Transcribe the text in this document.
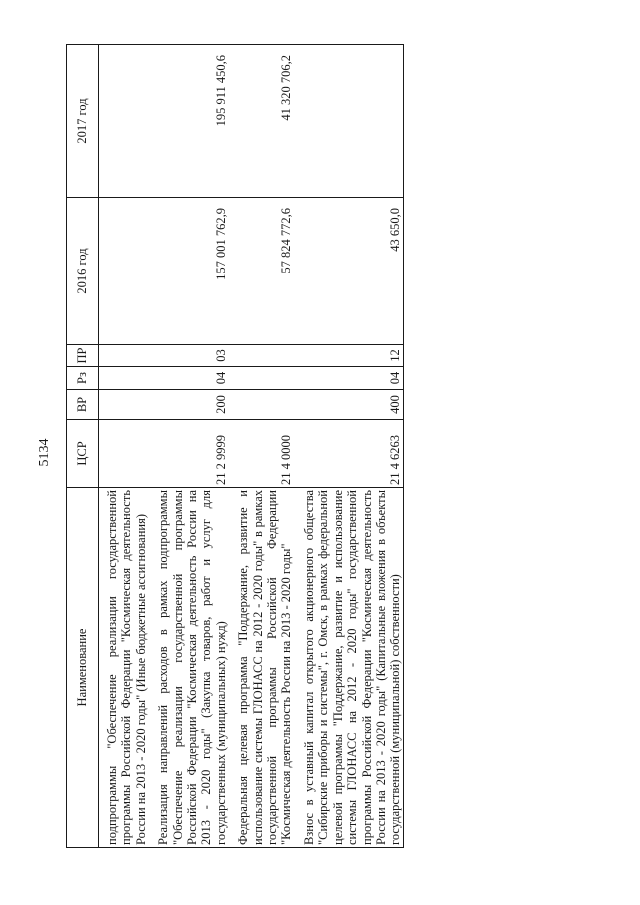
5134
Наименование	ЦСР	ВР	Рз	ПР	2016 год	2017 год
подпрограммы "Обеспечение реализации государственной программы Российской Федерации "Космическая деятельность России на 2013 - 2020 годы" (Иные бюджетные ассигнования)						
Реализация направлений расходов в рамках подпрограммы "Обеспечение реализации государственной программы Российской Федерации "Космическая деятельность России на 2013 - 2020 годы" (Закупка товаров, работ и услуг для государственных (муниципальных) нужд)	21 2 9999	200	04	03	157 001 762,9	195 911 450,6
Федеральная целевая программа "Поддержание, развитие и использование системы ГЛОНАСС на 2012 - 2020 годы" в рамках государственной программы Российской Федерации "Космическая деятельность России на 2013 - 2020 годы"	21 4 0000				57 824 772,6	41 320 706,2
Взнос в уставный капитал открытого акционерного общества "Сибирские приборы и системы", г. Омск, в рамках федеральной целевой программы "Поддержание, развитие и использование системы ГЛОНАСС на 2012 - 2020 годы" государственной программы Российской Федерации "Космическая деятельность России на 2013 - 2020 годы" (Капитальные вложения в объекты государственной (муниципальной) собственности)	21 4 6263	400	04	12	43 650,0	
